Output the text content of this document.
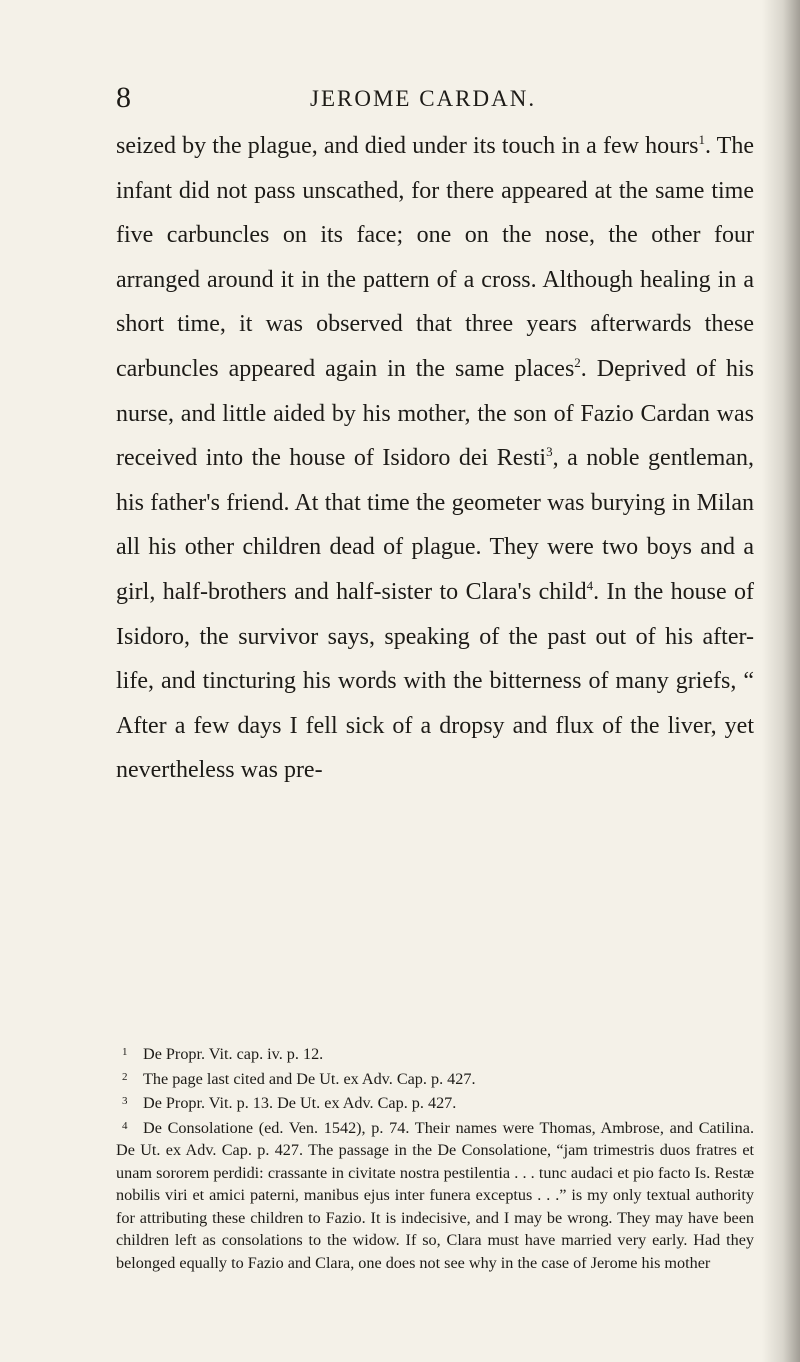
8	JEROME CARDAN.

seized by the plague, and died under its touch in a few hours$^1$. The infant did not pass unscathed, for there appeared at the same time five carbuncles on its face; one on the nose, the other four arranged around it in the pattern of a cross. Although healing in a short time, it was observed that three years afterwards these carbuncles appeared again in the same places$^2$. Deprived of his nurse, and little aided by his mother, the son of Fazio Cardan was received into the house of Isidoro dei Resti$^3$, a noble gentleman, his father's friend. At that time the geometer was burying in Milan all his other children dead of plague. They were two boys and a girl, half-brothers and half-sister to Clara's child$^4$. In the house of Isidoro, the survivor says, speaking of the past out of his after-life, and tincturing his words with the bitterness of many griefs, “ After a few days I fell sick of a dropsy and flux of the liver, yet nevertheless was pre-

1 De Propr. Vit. cap. iv. p. 12.

2 The page last cited and De Ut. ex Adv. Cap. p. 427.

3 De Propr. Vit. p. 13. De Ut. ex Adv. Cap. p. 427.

4 De Consolatione (ed. Ven. 1542), p. 74. Their names were Thomas, Ambrose, and Catilina. De Ut. ex Adv. Cap. p. 427. The passage in the De Consolatione, “jam trimestris duos fratres et unam sororem perdidi: crassante in civitate nostra pestilentia . . . tunc audaci et pio facto Is. Restæ nobilis viri et amici paterni, manibus ejus inter funera exceptus . . .” is my only textual authority for attributing these children to Fazio. It is indecisive, and I may be wrong. They may have been children left as consolations to the widow. If so, Clara must have married very early. Had they belonged equally to Fazio and Clara, one does not see why in the case of Jerome his mother
